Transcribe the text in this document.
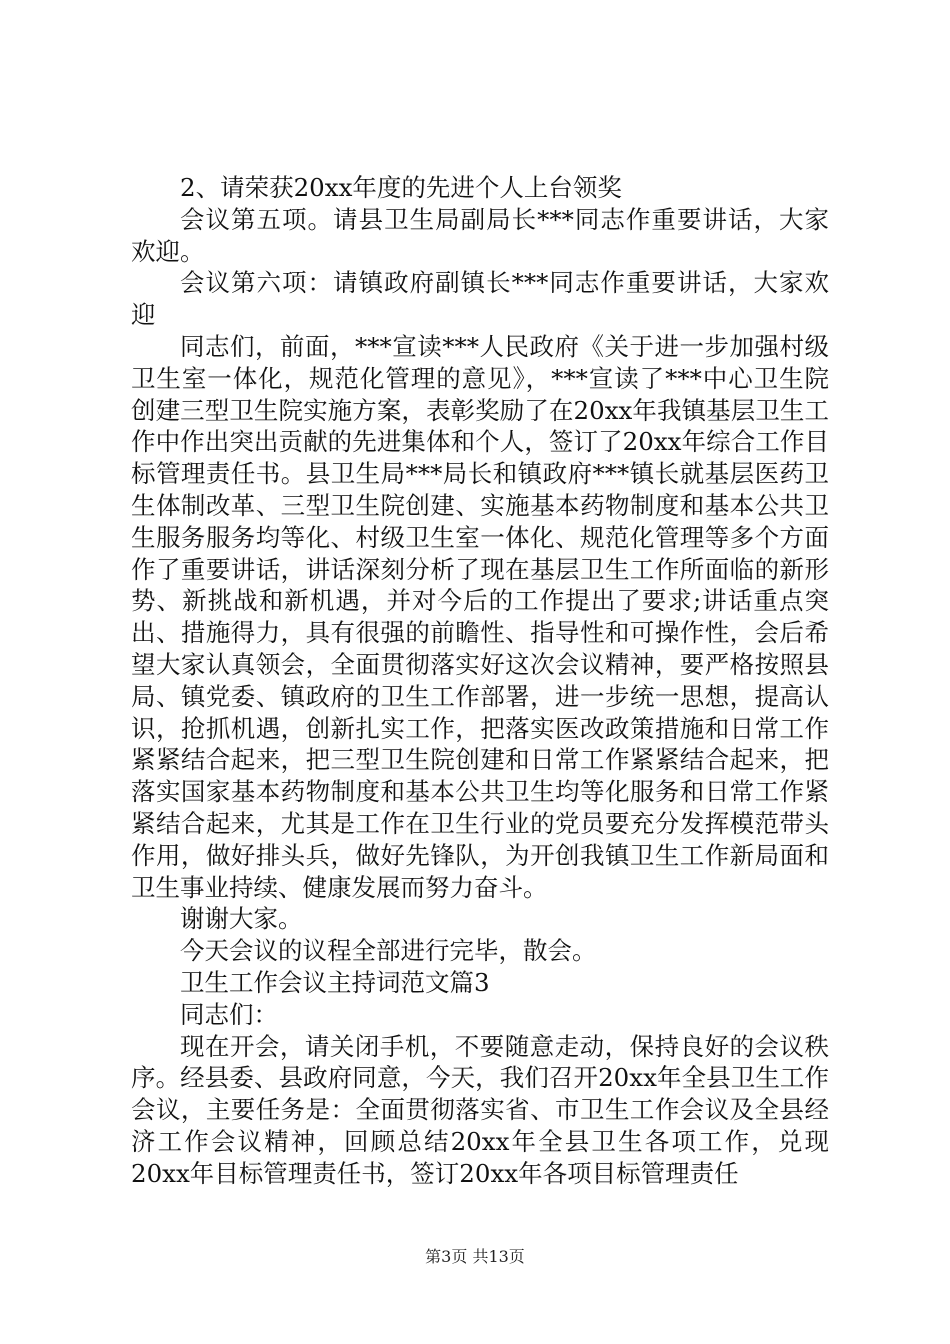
2、请荣获20xx年度的先进个人上台领奖

会议第五项。请县卫生局副局长***同志作重要讲话，大家欢迎。

会议第六项：请镇政府副镇长***同志作重要讲话，大家欢迎

同志们，前面，***宣读***人民政府《关于进一步加强村级卫生室一体化，规范化管理的意见》，***宣读了***中心卫生院创建三型卫生院实施方案，表彰奖励了在20xx年我镇基层卫生工作中作出突出贡献的先进集体和个人，签订了20xx年综合工作目标管理责任书。县卫生局***局长和镇政府***镇长就基层医药卫生体制改革、三型卫生院创建、实施基本药物制度和基本公共卫生服务服务均等化、村级卫生室一体化、规范化管理等多个方面作了重要讲话，讲话深刻分析了现在基层卫生工作所面临的新形势、新挑战和新机遇，并对今后的工作提出了要求;讲话重点突出、措施得力，具有很强的前瞻性、指导性和可操作性，会后希望大家认真领会，全面贯彻落实好这次会议精神，要严格按照县局、镇党委、镇政府的卫生工作部署，进一步统一思想，提高认识，抢抓机遇，创新扎实工作，把落实医改政策措施和日常工作紧紧结合起来，把三型卫生院创建和日常工作紧紧结合起来，把落实国家基本药物制度和基本公共卫生均等化服务和日常工作紧紧结合起来，尤其是工作在卫生行业的党员要充分发挥模范带头作用，做好排头兵，做好先锋队，为开创我镇卫生工作新局面和卫生事业持续、健康发展而努力奋斗。

谢谢大家。

今天会议的议程全部进行完毕，散会。

卫生工作会议主持词范文篇3

同志们：

现在开会，请关闭手机，不要随意走动，保持良好的会议秩序。经县委、县政府同意，今天，我们召开20xx年全县卫生工作会议，主要任务是：全面贯彻落实省、市卫生工作会议及全县经济工作会议精神，回顾总结20xx年全县卫生各项工作，兑现20xx年目标管理责任书，签订20xx年各项目标管理责任

第3页 共13页
